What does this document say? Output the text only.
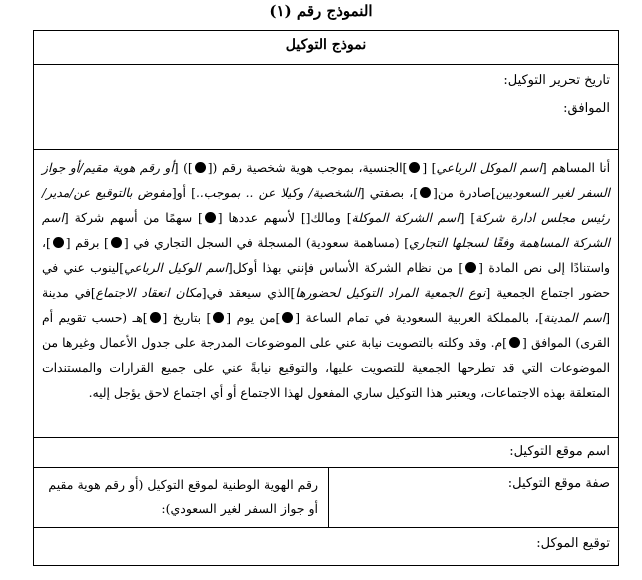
النموذج رقم (١)
نموذج التوكيل
تاريخ تحرير التوكيل:
الموافق:

أنا المساهم [اسم الموكل الرباعي] []الجنسية، بموجب هوية شخصية رقم ([]) [أو رقم هوية مقيم/أو جواز السفر لغير السعوديين]صادرة من[]، بصفتي [الشخصية/ وكيلا عن .. بموجب..] أو[مفوض بالتوقيع عن/مدير/رئيس مجلس ادارة شركة] [اسم الشركة الموكلة] ومالك[] لأسهم عددها [] سهمًا من أسهم شركة [اسم الشركة المساهمة وفقًا لسجلها التجاري] (مساهمة سعودية) المسجلة في السجل التجاري في [] برقم []، واستنادًا إلى نص المادة [] من نظام الشركة الأساس فإنني بهذا أوكل[اسم الوكيل الرباعي]لينوب عني في حضور اجتماع الجمعية [نوع الجمعية المراد التوكيل لحضورها]الذي سيعقد في[مكان انعقاد الاجتماع]في مدينة [اسم المدينة]، بالمملكة العربية السعودية في تمام الساعة []من يوم [] بتاريخ []هـ (حسب تقويم أم القرى) الموافق []م. وقد وكلته بالتصويت نيابة عني على الموضوعات المدرجة على جدول الأعمال وغيرها من الموضوعات التي قد تطرحها الجمعية للتصويت عليها، والتوقيع نيابةً عني على جميع القرارات والمستندات المتعلقة بهذه الاجتماعات، ويعتبر هذا التوكيل ساري المفعول لهذا الاجتماع أو أي اجتماع لاحق يؤجل إليه.

اسم موقع التوكيل:
صفة موقع التوكيل:
رقم الهوية الوطنية لموقع التوكيل (أو رقم هوية مقيم أو جواز السفر لغير السعودي):
توقيع الموكل:
